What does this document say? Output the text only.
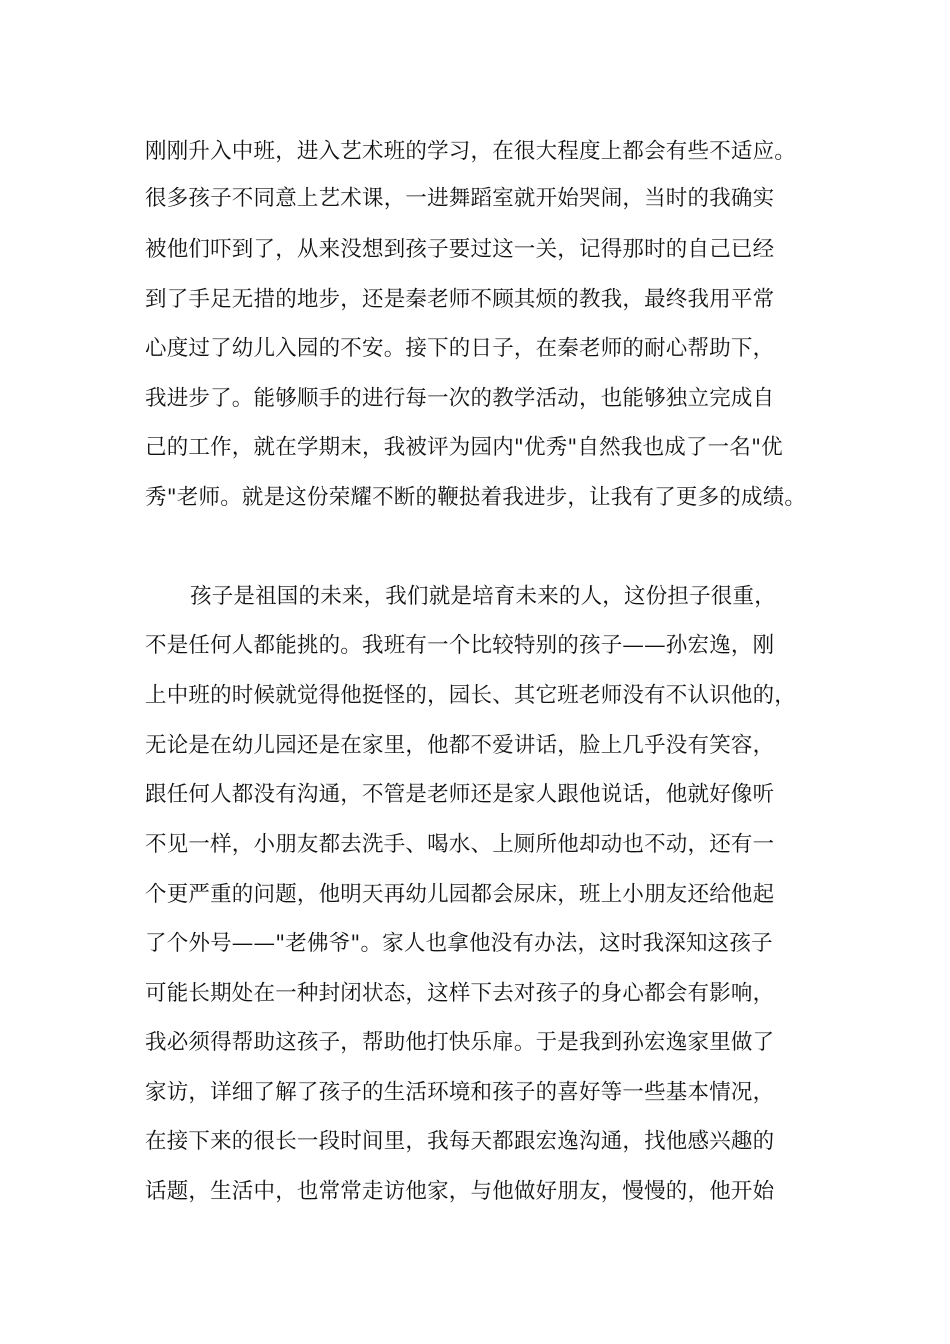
刚刚升入中班，进入艺术班的学习，在很大程度上都会有些不适应。
很多孩子不同意上艺术课，一进舞蹈室就开始哭闹，当时的我确实
被他们吓到了，从来没想到孩子要过这一关，记得那时的自己已经
到了手足无措的地步，还是秦老师不顾其烦的教我，最终我用平常
心度过了幼儿入园的不安。接下的日子，在秦老师的耐心帮助下，
我进步了。能够顺手的进行每一次的教学活动，也能够独立完成自
己的工作，就在学期末，我被评为园内"优秀"自然我也成了一名"优
秀"老师。就是这份荣耀不断的鞭挞着我进步，让我有了更多的成绩。
孩子是祖国的未来，我们就是培育未来的人，这份担子很重，
不是任何人都能挑的。我班有一个比较特别的孩子——孙宏逸，刚
上中班的时候就觉得他挺怪的，园长、其它班老师没有不认识他的，
无论是在幼儿园还是在家里，他都不爱讲话，脸上几乎没有笑容，
跟任何人都没有沟通，不管是老师还是家人跟他说话，他就好像听
不见一样，小朋友都去洗手、喝水、上厕所他却动也不动，还有一
个更严重的问题，他明天再幼儿园都会尿床，班上小朋友还给他起
了个外号——"老佛爷"。家人也拿他没有办法，这时我深知这孩子
可能长期处在一种封闭状态，这样下去对孩子的身心都会有影响，
我必须得帮助这孩子，帮助他打快乐扉。于是我到孙宏逸家里做了
家访，详细了解了孩子的生活环境和孩子的喜好等一些基本情况，
在接下来的很长一段时间里，我每天都跟宏逸沟通，找他感兴趣的
话题，生活中，也常常走访他家，与他做好朋友，慢慢的，他开始
